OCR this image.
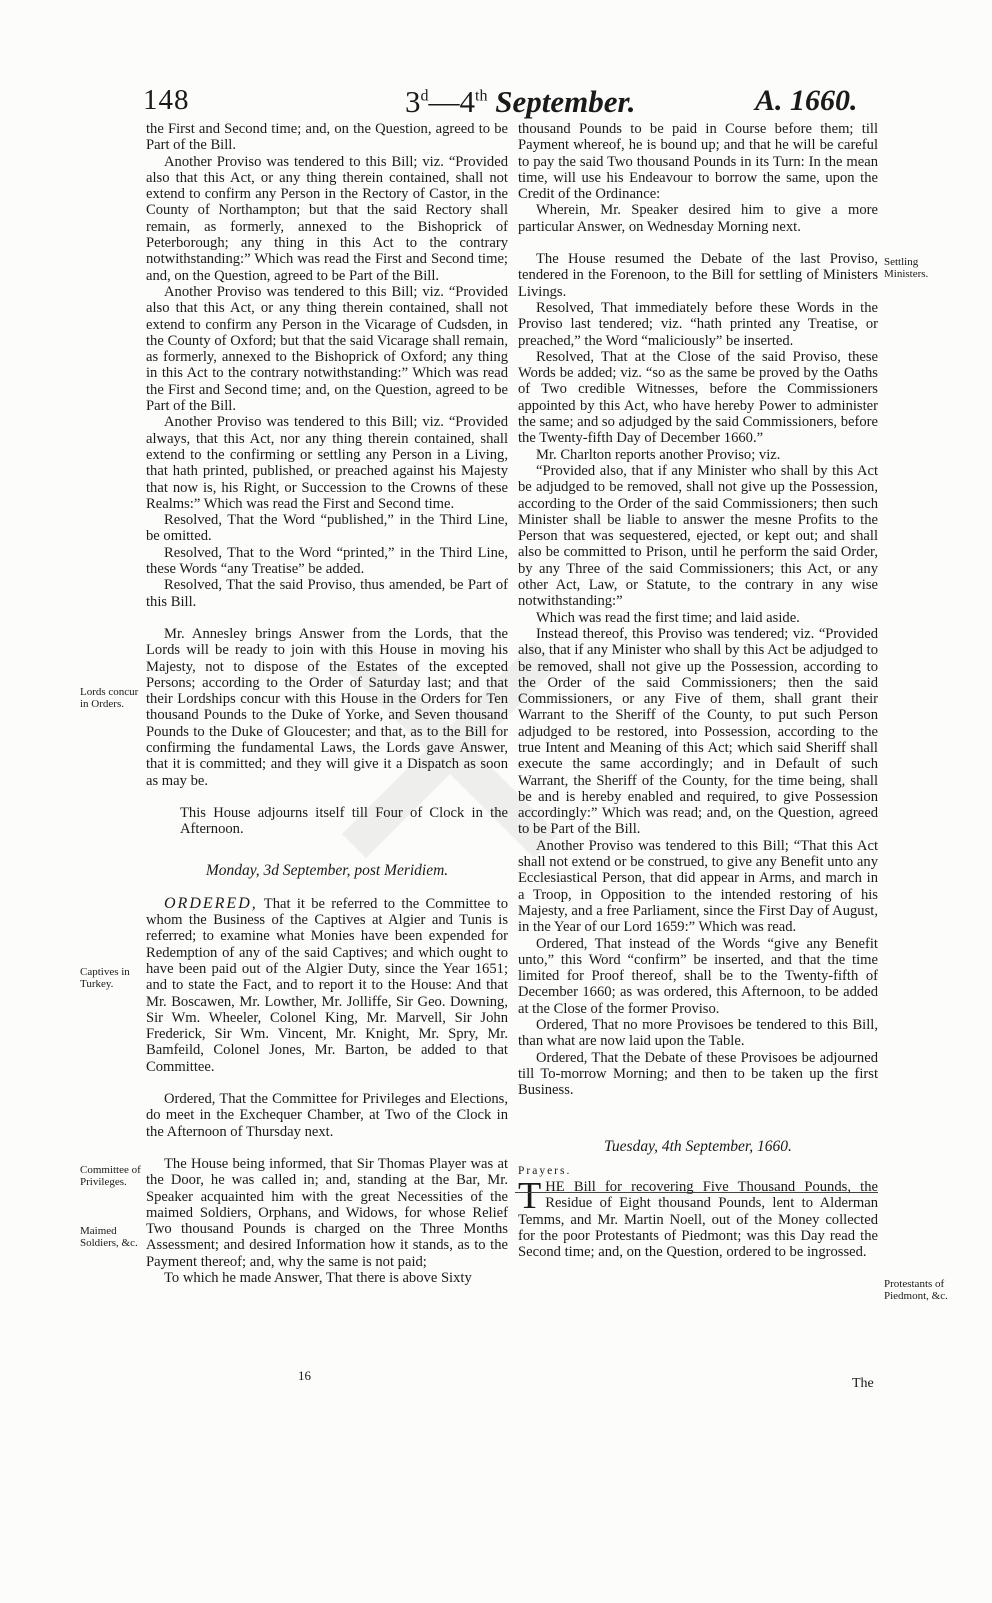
148	3$^d$—4th September.	A. 1660.

the First and Second time; and, on the Question, agreed to be Part of the Bill.

Another Proviso was tendered to this Bill; viz. “Provided also that this Act, or any thing therein contained, shall not extend to confirm any Person in the Rectory of Castor, in the County of Northampton; but that the said Rectory shall remain, as formerly, annexed to the Bishoprick of Peterborough; any thing in this Act to the contrary notwithstanding:” Which was read the First and Second time; and, on the Question, agreed to be Part of the Bill.

Another Proviso was tendered to this Bill; viz. “Provided also that this Act, or any thing therein contained, shall not extend to confirm any Person in the Vicarage of Cudsden, in the County of Oxford; but that the said Vicarage shall remain, as formerly, annexed to the Bishoprick of Oxford; any thing in this Act to the contrary notwithstanding:” Which was read the First and Second time; and, on the Question, agreed to be Part of the Bill.

Another Proviso was tendered to this Bill; viz. “Provided always, that this Act, nor any thing therein contained, shall extend to the confirming or settling any Person in a Living, that hath printed, published, or preached against his Majesty that now is, his Right, or Succession to the Crowns of these Realms:” Which was read the First and Second time.

Resolved, That the Word “published,” in the Third Line, be omitted.

Resolved, That to the Word “printed,” in the Third Line, these Words “any Treatise” be added.

Resolved, That the said Proviso, thus amended, be Part of this Bill.

Mr. Annesley brings Answer from the Lords, that the Lords will be ready to join with this House in moving his Majesty, not to dispose of the Estates of the excepted Persons; according to the Order of Saturday last; and that their Lordships concur with this House in the Orders for Ten thousand Pounds to the Duke of Yorke, and Seven thousand Pounds to the Duke of Gloucester; and that, as to the Bill for confirming the fundamental Laws, the Lords gave Answer, that it is committed; and they will give it a Dispatch as soon as may be.

This House adjourns itself till Four of Clock in the Afternoon.

Monday, 3d September, post Meridiem.

ORDERED, That it be referred to the Committee to whom the Business of the Captives at Algier and Tunis is referred; to examine what Monies have been expended for Redemption of any of the said Captives; and which ought to have been paid out of the Algier Duty, since the Year 1651; and to state the Fact, and to report it to the House: And that Mr. Boscawen, Mr. Lowther, Mr. Jolliffe, Sir Geo. Downing, Sir Wm. Wheeler, Colonel King, Mr. Marvell, Sir John Frederick, Sir Wm. Vincent, Mr. Knight, Mr. Spry, Mr. Bamfeild, Colonel Jones, Mr. Barton, be added to that Committee.

Ordered, That the Committee for Privileges and Elections, do meet in the Exchequer Chamber, at Two of the Clock in the Afternoon of Thursday next.

The House being informed, that Sir Thomas Player was at the Door, he was called in; and, standing at the Bar, Mr. Speaker acquainted him with the great Necessities of the maimed Soldiers, Orphans, and Widows, for whose Relief Two thousand Pounds is charged on the Three Months Assessment; and desired Information how it stands, as to the Payment thereof; and, why the same is not paid;

To which he made Answer, That there is above Sixty

thousand Pounds to be paid in Course before them; till Payment whereof, he is bound up; and that he will be careful to pay the said Two thousand Pounds in its Turn: In the mean time, will use his Endeavour to borrow the same, upon the Credit of the Ordinance:

Wherein, Mr. Speaker desired him to give a more particular Answer, on Wednesday Morning next.

The House resumed the Debate of the last Proviso, tendered in the Forenoon, to the Bill for settling of Ministers Livings.

Resolved, That immediately before these Words in the Proviso last tendered; viz. “hath printed any Treatise, or preached,” the Word “maliciously” be inserted.

Resolved, That at the Close of the said Proviso, these Words be added; viz. “so as the same be proved by the Oaths of Two credible Witnesses, before the Commissioners appointed by this Act, who have hereby Power to administer the same; and so adjudged by the said Commissioners, before the Twenty-fifth Day of December 1660.”

Mr. Charlton reports another Proviso; viz.

“Provided also, that if any Minister who shall by this Act be adjudged to be removed, shall not give up the Possession, according to the Order of the said Commissioners; then such Minister shall be liable to answer the mesne Profits to the Person that was sequestered, ejected, or kept out; and shall also be committed to Prison, until he perform the said Order, by any Three of the said Commissioners; this Act, or any other Act, Law, or Statute, to the contrary in any wise notwithstanding:”

Which was read the first time; and laid aside.

Instead thereof, this Proviso was tendered; viz. “Provided also, that if any Minister who shall by this Act be adjudged to be removed, shall not give up the Possession, according to the Order of the said Commissioners; then the said Commissioners, or any Five of them, shall grant their Warrant to the Sheriff of the County, to put such Person adjudged to be restored, into Possession, according to the true Intent and Meaning of this Act; which said Sheriff shall execute the same accordingly; and in Default of such Warrant, the Sheriff of the County, for the time being, shall be and is hereby enabled and required, to give Possession accordingly:” Which was read; and, on the Question, agreed to be Part of the Bill.

Another Proviso was tendered to this Bill; “That this Act shall not extend or be construed, to give any Benefit unto any Ecclesiastical Person, that did appear in Arms, and march in a Troop, in Opposition to the intended restoring of his Majesty, and a free Parliament, since the First Day of August, in the Year of our Lord 1659:” Which was read.

Ordered, That instead of the Words “give any Benefit unto,” this Word “confirm” be inserted, and that the time limited for Proof thereof, shall be to the Twenty-fifth of December 1660; as was ordered, this Afternoon, to be added at the Close of the former Proviso.

Ordered, That no more Provisoes be tendered to this Bill, than what are now laid upon the Table.

Ordered, That the Debate of these Provisoes be adjourned till To-morrow Morning; and then to be taken up the first Business.

Tuesday, 4th September, 1660.

Prayers.

THE Bill for recovering Five Thousand Pounds, the Residue of Eight thousand Pounds, lent to Alderman Temms, and Mr. Martin Noell, out of the Money collected for the poor Protestants of Piedmont; was this Day read the Second time; and, on the Question, ordered to be ingrossed.

Lords concur in Orders.
Captives in Turkey.
Committee of Privileges.
Maimed Soldiers, &c.
Settling Ministers.
Protestants of Piedmont, &c.
16
The
